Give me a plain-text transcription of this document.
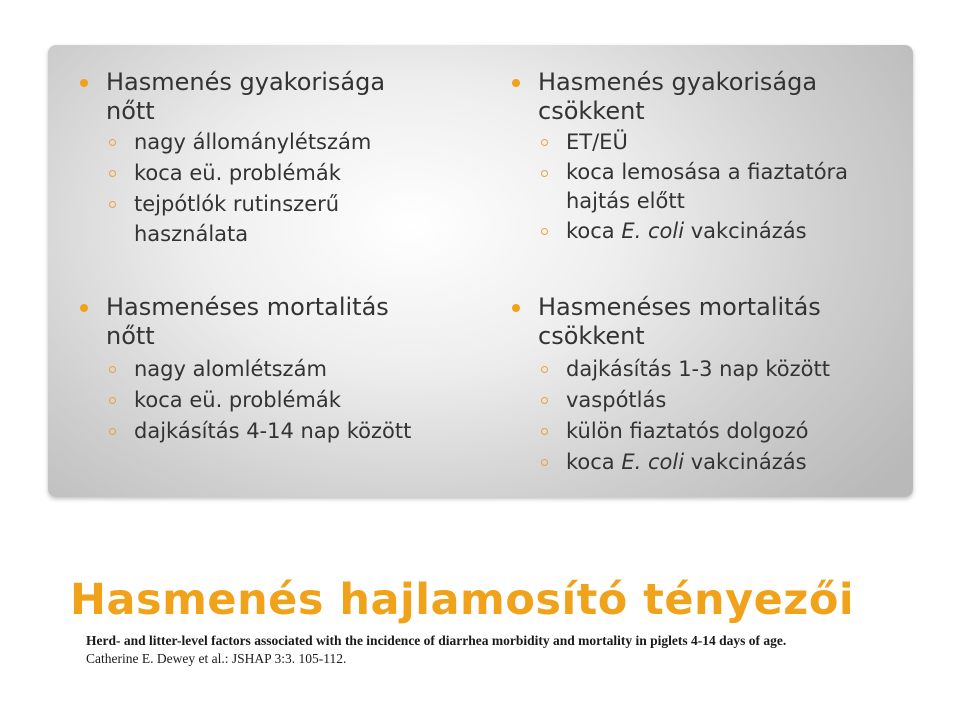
Hasmenés gyakorisága
nőtt
nagy állománylétszám
koca eü. problémák
tejpótlók rutinszerű
használata
Hasmenéses mortalitás
nőtt
nagy alomlétszám
koca eü. problémák
dajkásítás 4-14 nap között
Hasmenés gyakorisága
csökkent
ET/EÜ
koca lemosása a fiaztatóra
hajtás előtt
koca E. coli vakcinázás
Hasmenéses mortalitás
csökkent
dajkásítás 1-3 nap között
vaspótlás
külön fiaztatós dolgozó
koca E. coli vakcinázás
Hasmenés hajlamosító tényezői
Herd- and litter-level factors associated with the incidence of diarrhea morbidity and mortality in piglets 4-14 days of age.
Catherine E. Dewey et al.: JSHAP 3:3. 105-112.
